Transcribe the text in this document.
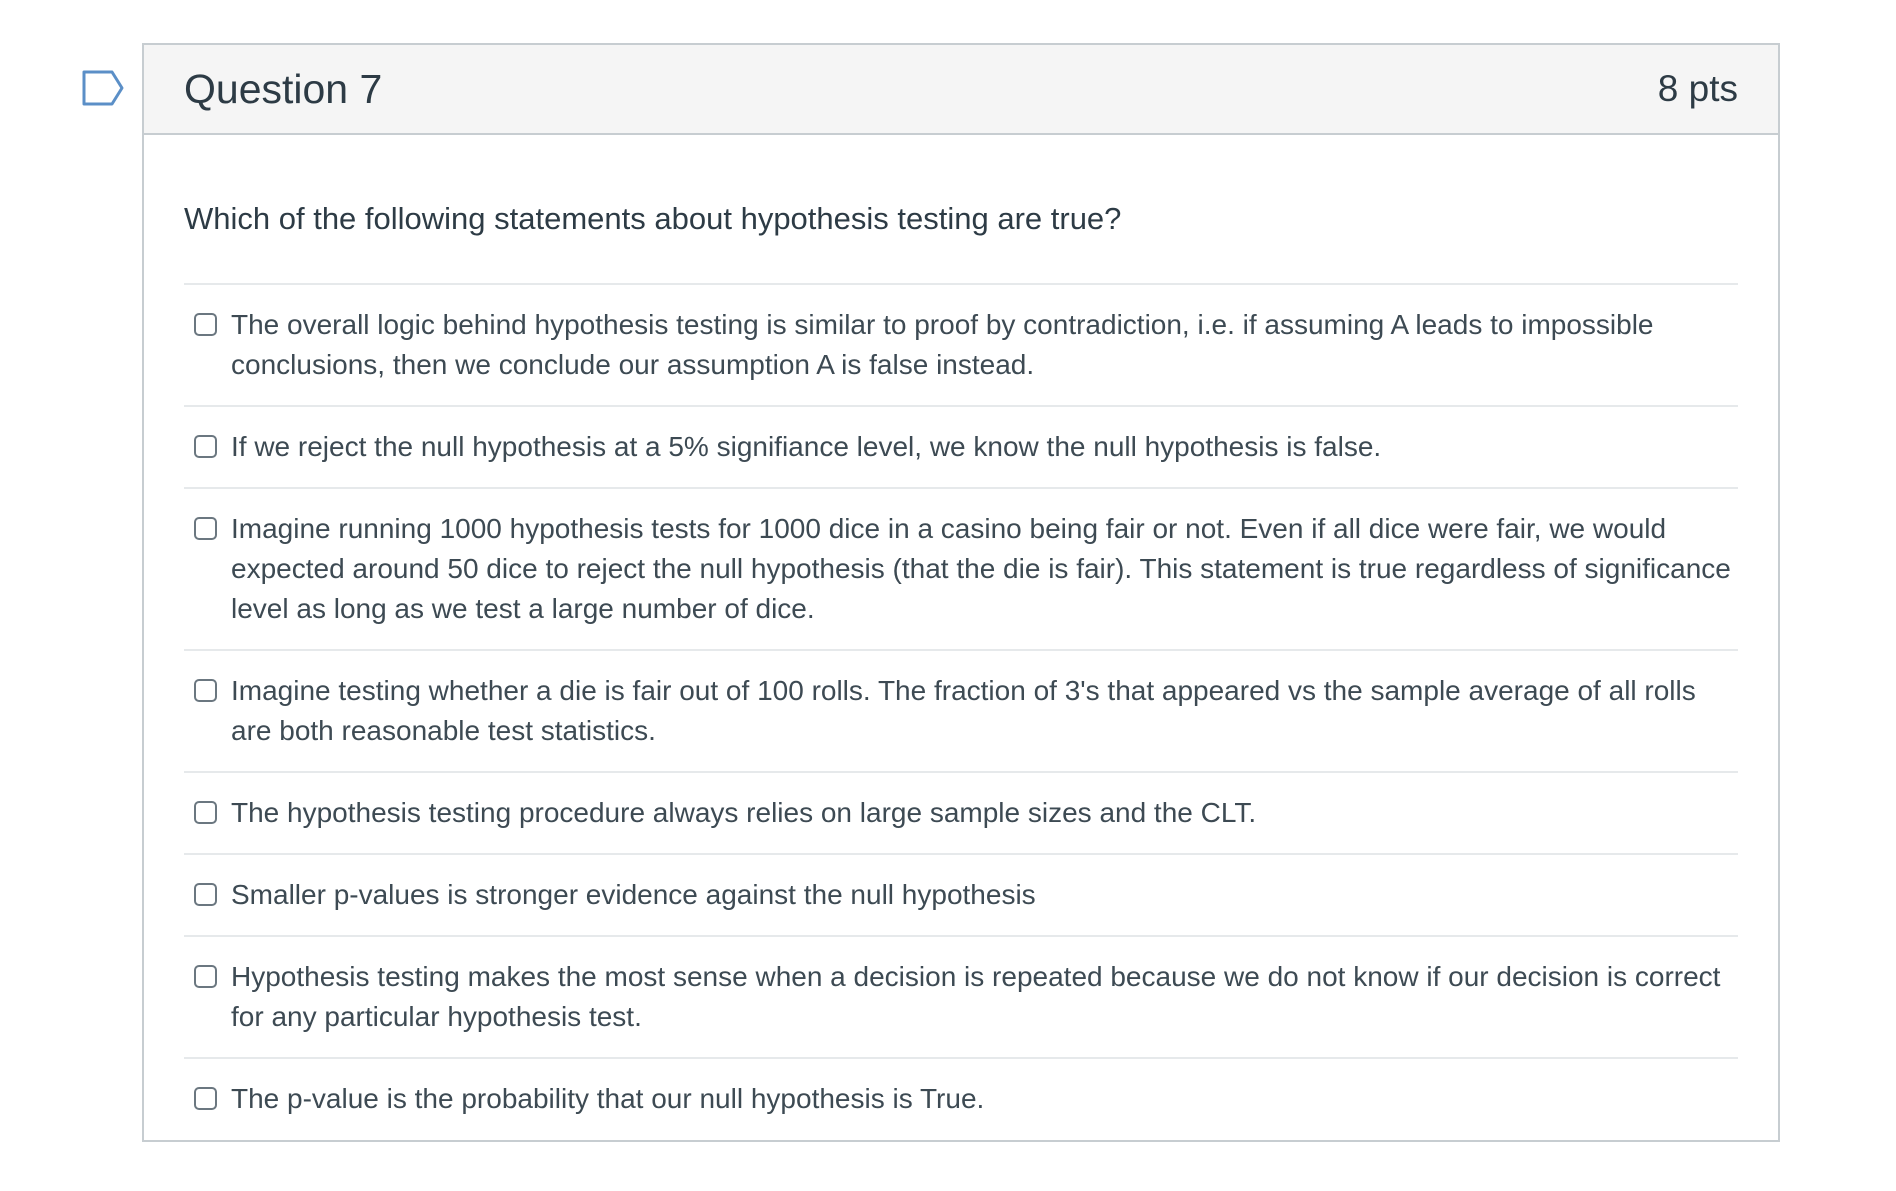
Question 7	8 pts

Which of the following statements about hypothesis testing are true?

The overall logic behind hypothesis testing is similar to proof by contradiction, i.e. if assuming A leads to impossible conclusions, then we conclude our assumption A is false instead.
If we reject the null hypothesis at a 5% signifiance level, we know the null hypothesis is false.
Imagine running 1000 hypothesis tests for 1000 dice in a casino being fair or not. Even if all dice were fair, we would expected around 50 dice to reject the null hypothesis (that the die is fair). This statement is true regardless of significance level as long as we test a large number of dice.
Imagine testing whether a die is fair out of 100 rolls. The fraction of 3's that appeared vs the sample average of all rolls are both reasonable test statistics.
The hypothesis testing procedure always relies on large sample sizes and the CLT.
Smaller p-values is stronger evidence against the null hypothesis
Hypothesis testing makes the most sense when a decision is repeated because we do not know if our decision is correct for any particular hypothesis test.
The p-value is the probability that our null hypothesis is True.
